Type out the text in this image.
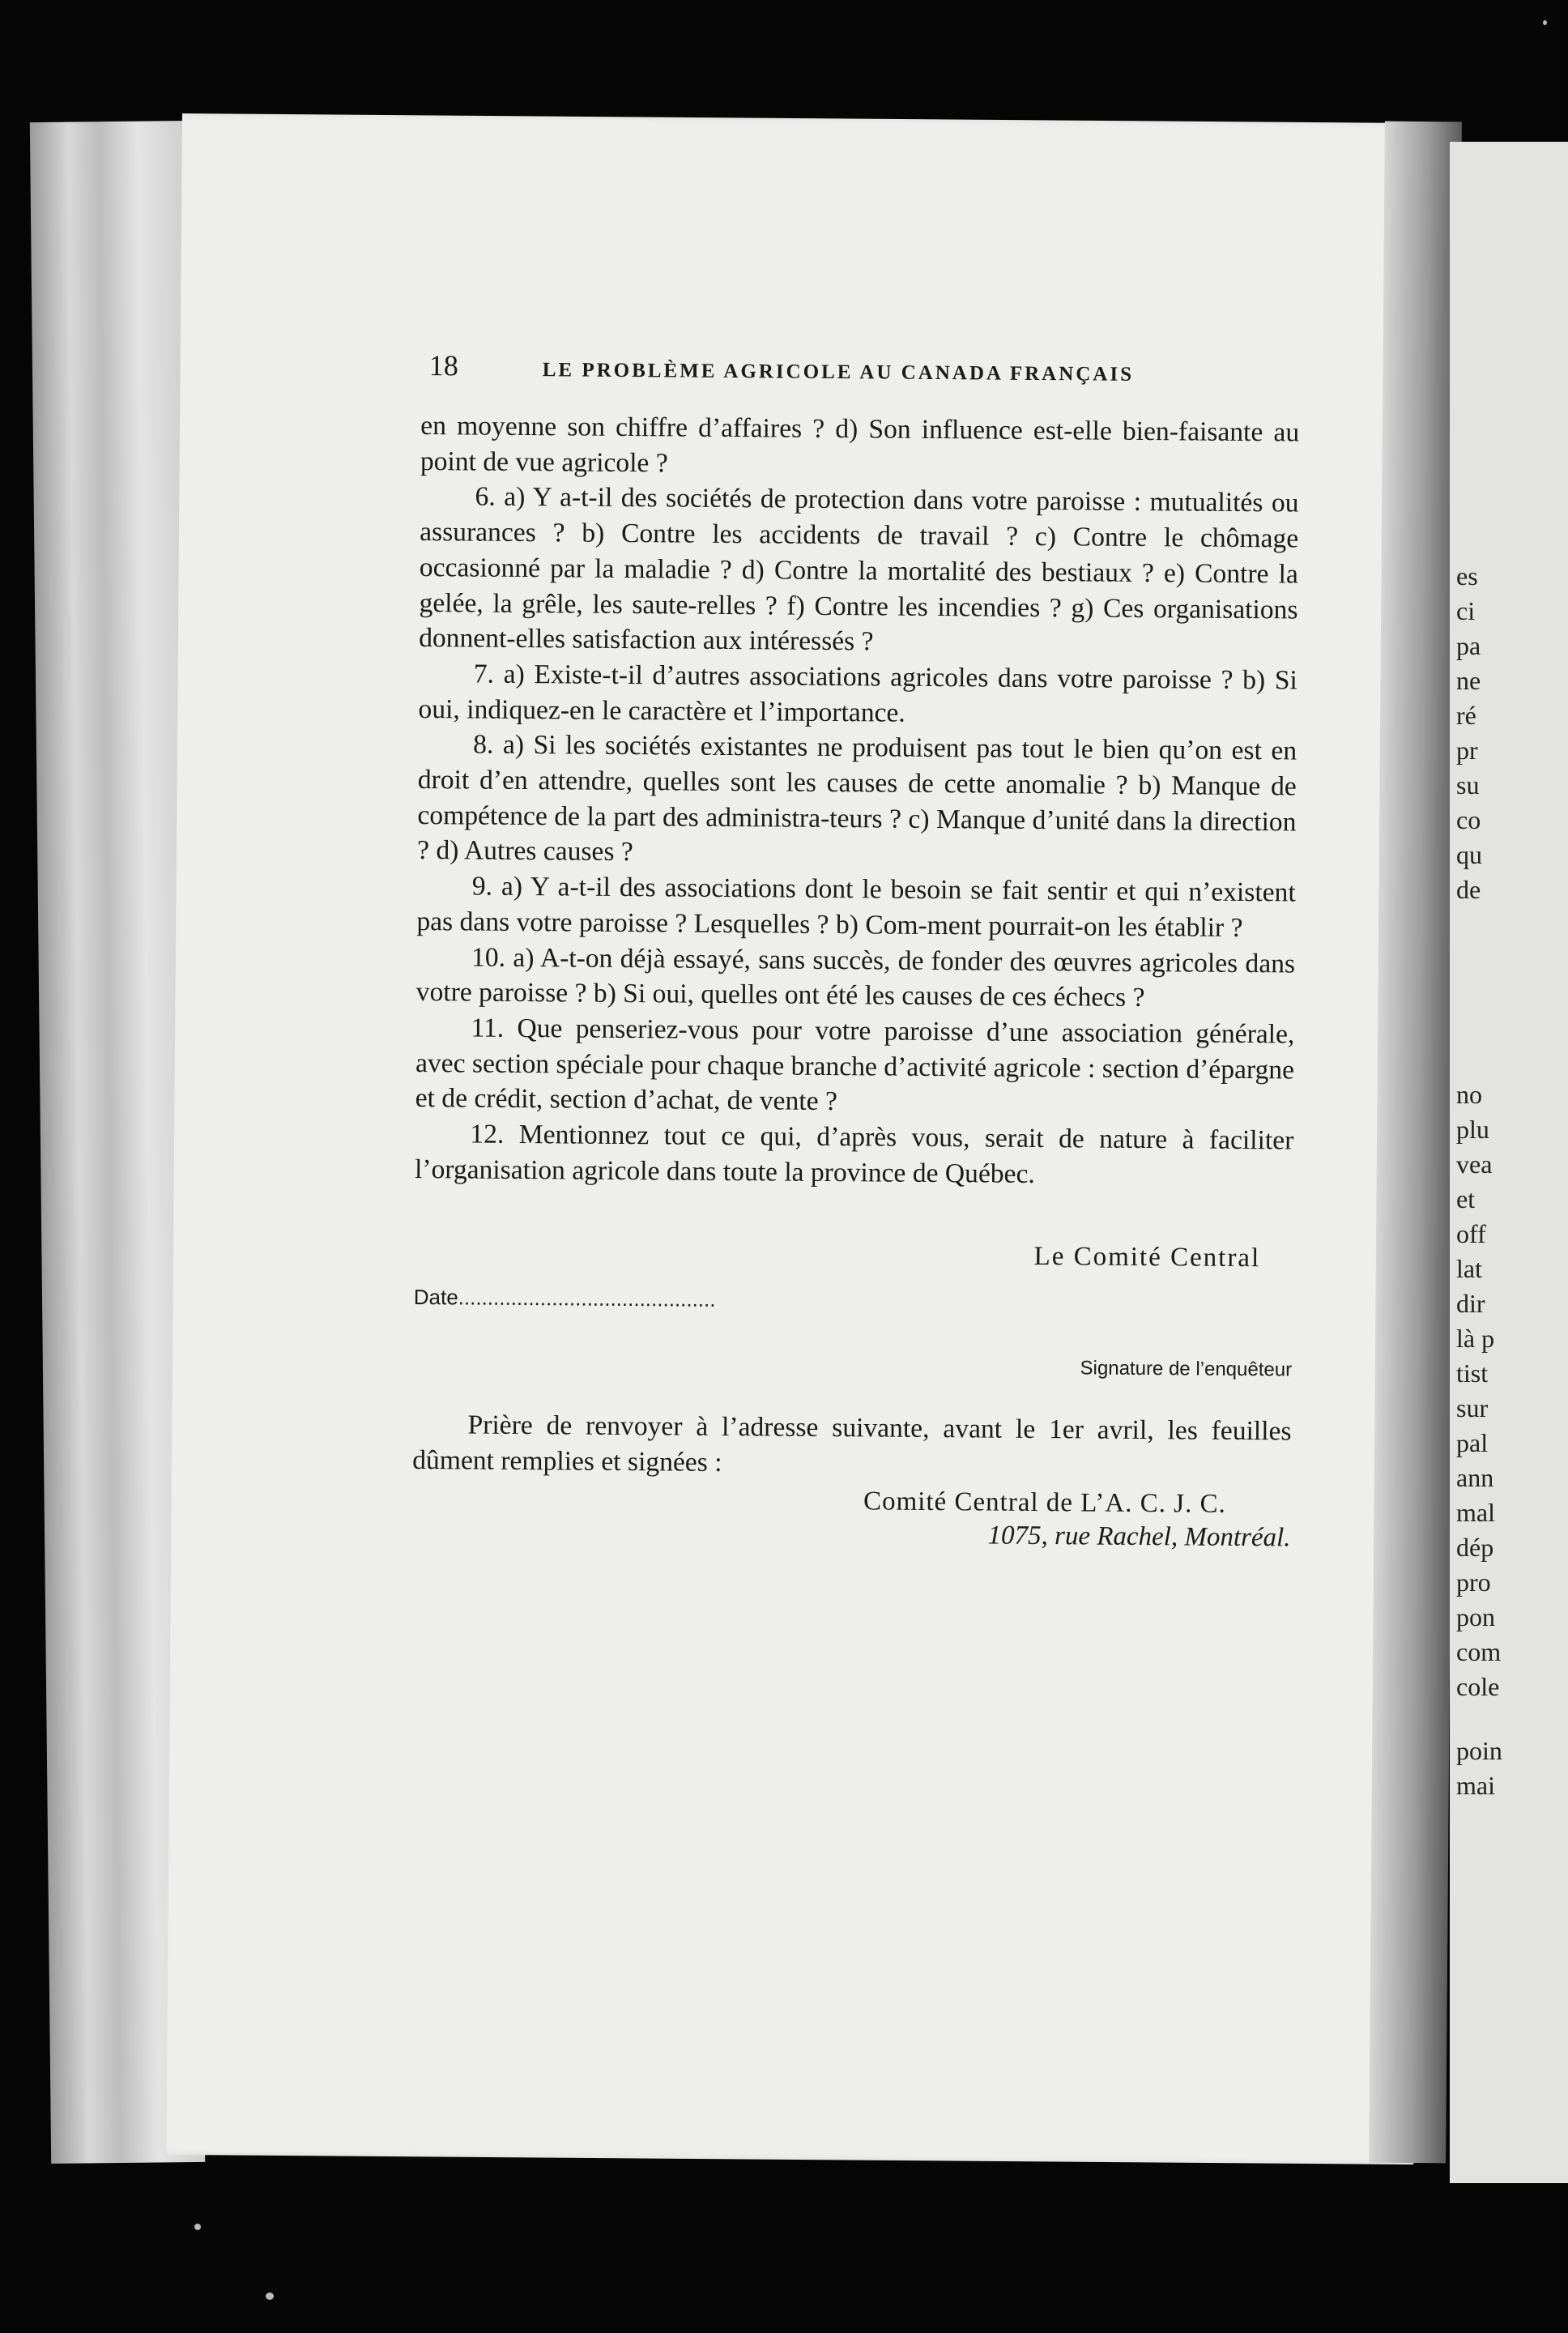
es
ci
pa
ne
ré
pr
su
co
qu
de
no
plu
vea
et
off
lat
dir
là p
tist
sur
pal
ann
mal
dép
pro
pon
com
cole
poin
mai
18	LE PROBLÈME AGRICOLE AU CANADA FRANÇAIS

en moyenne son chiffre d’affaires ? d) Son influence est-elle bien-faisante au point de vue agricole ?

6. a) Y a-t-il des sociétés de protection dans votre paroisse : mutualités ou assurances ? b) Contre les accidents de travail ? c) Contre le chômage occasionné par la maladie ? d) Contre la mortalité des bestiaux ? e) Contre la gelée, la grêle, les saute-relles ? f) Contre les incendies ? g) Ces organisations donnent-elles satisfaction aux intéressés ?

7. a) Existe-t-il d’autres associations agricoles dans votre paroisse ? b) Si oui, indiquez-en le caractère et l’importance.

8. a) Si les sociétés existantes ne produisent pas tout le bien qu’on est en droit d’en attendre, quelles sont les causes de cette anomalie ? b) Manque de compétence de la part des administra-teurs ? c) Manque d’unité dans la direction ? d) Autres causes ?

9. a) Y a-t-il des associations dont le besoin se fait sentir et qui n’existent pas dans votre paroisse ? Lesquelles ? b) Com-ment pourrait-on les établir ?

10. a) A-t-on déjà essayé, sans succès, de fonder des œuvres agricoles dans votre paroisse ? b) Si oui, quelles ont été les causes de ces échecs ?

11. Que penseriez-vous pour votre paroisse d’une association générale, avec section spéciale pour chaque branche d’activité agricole : section d’épargne et de crédit, section d’achat, de vente ?

12. Mentionnez tout ce qui, d’après vous, serait de nature à faciliter l’organisation agricole dans toute la province de Québec.

Le Comité Central
Date............................................
Signature de l’enquêteur
Prière de renvoyer à l’adresse suivante, avant le 1er avril, les feuilles dûment remplies et signées :
Comité Central de L’A. C. J. C.
1075, rue Rachel, Montréal.
